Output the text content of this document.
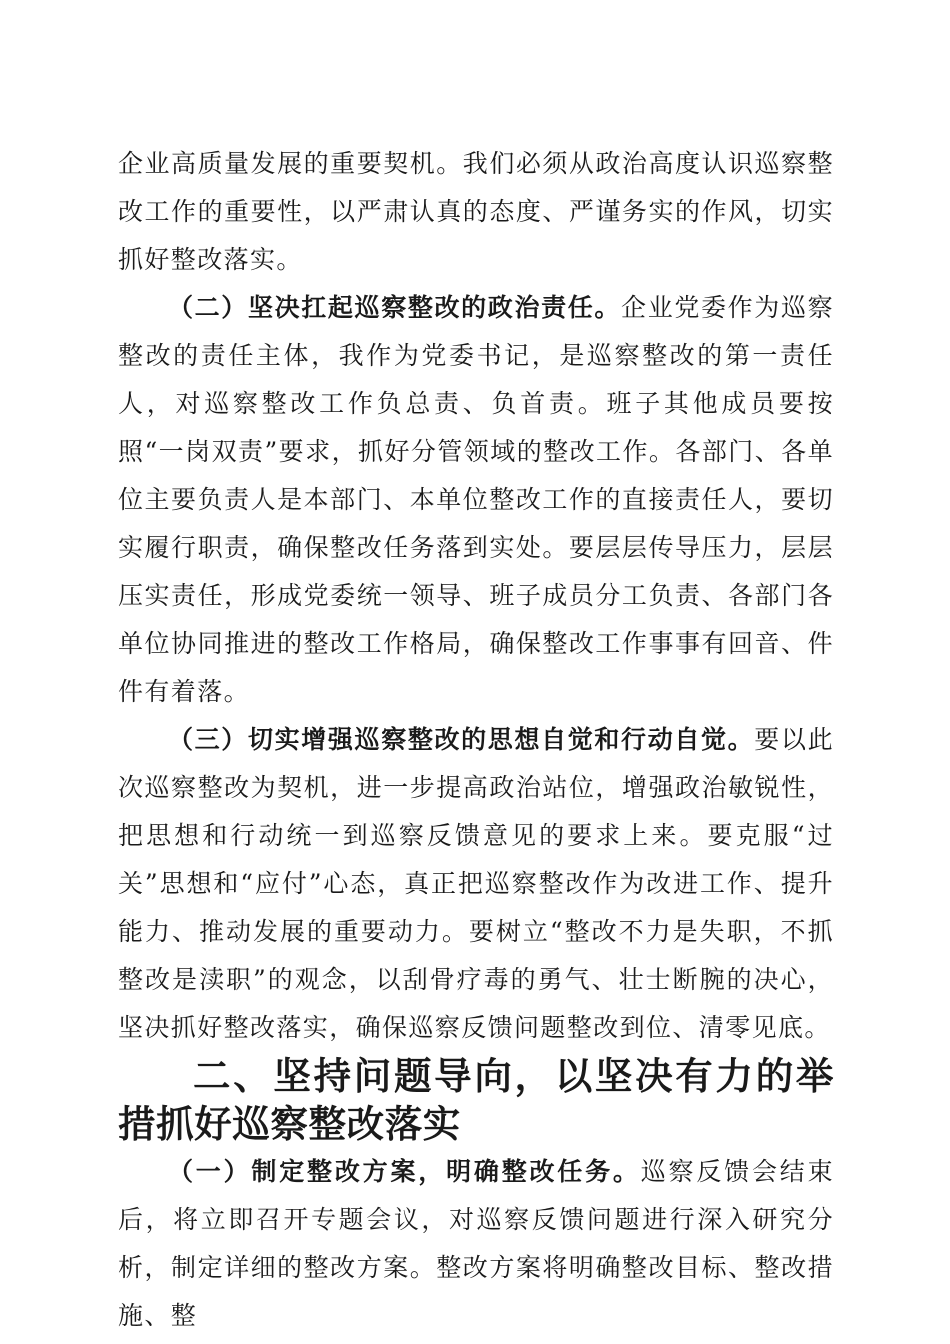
企业高质量发展的重要契机。我们必须从政治高度认识巡察整改工作的重要性，以严肃认真的态度、严谨务实的作风，切实抓好整改落实。

（二）坚决扛起巡察整改的政治责任。企业党委作为巡察整改的责任主体，我作为党委书记，是巡察整改的第一责任人，对巡察整改工作负总责、负首责。班子其他成员要按照“一岗双责”要求，抓好分管领域的整改工作。各部门、各单位主要负责人是本部门、本单位整改工作的直接责任人，要切实履行职责，确保整改任务落到实处。要层层传导压力，层层压实责任，形成党委统一领导、班子成员分工负责、各部门各单位协同推进的整改工作格局，确保整改工作事事有回音、件件有着落。

（三）切实增强巡察整改的思想自觉和行动自觉。要以此次巡察整改为契机，进一步提高政治站位，增强政治敏锐性，把思想和行动统一到巡察反馈意见的要求上来。要克服“过关”思想和“应付”心态，真正把巡察整改作为改进工作、提升能力、推动发展的重要动力。要树立“整改不力是失职，不抓整改是渎职”的观念，以刮骨疗毒的勇气、壮士断腕的决心，坚决抓好整改落实，确保巡察反馈问题整改到位、清零见底。

二、坚持问题导向，以坚决有力的举措抓好巡察整改落实

（一）制定整改方案，明确整改任务。巡察反馈会结束后，将立即召开专题会议，对巡察反馈问题进行深入研究分析，制定详细的整改方案。整改方案将明确整改目标、整改措施、整
